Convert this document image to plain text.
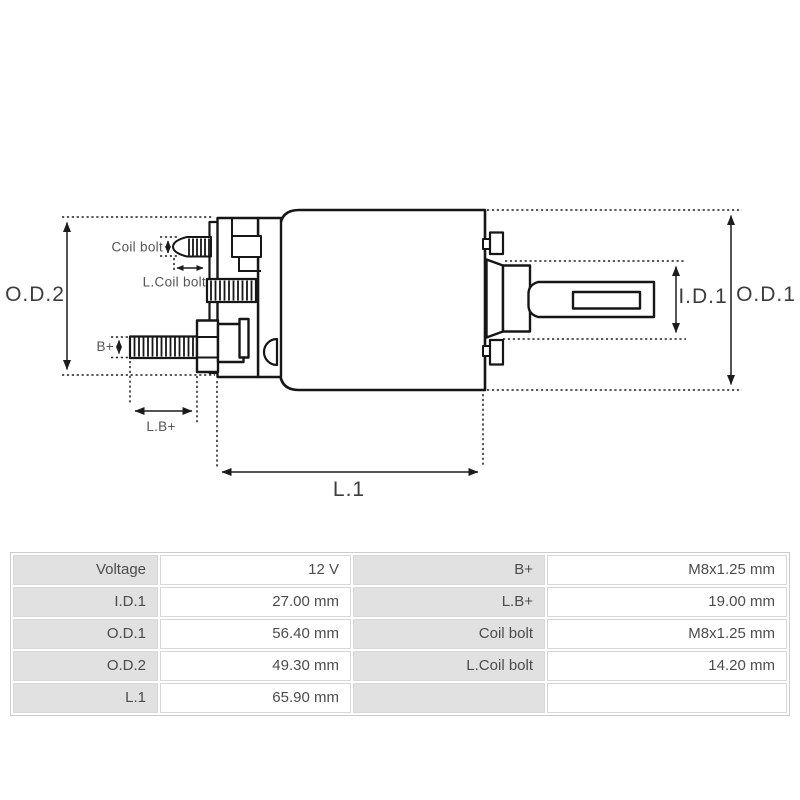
O.D.2	O.D.1
I.D.1
L.1
Coil bolt
L.Coil bolt
B+
L.B+
Voltage	12 V	B+	M8x1.25 mm
I.D.1	27.00 mm	L.B+	19.00 mm
O.D.1	56.40 mm	Coil bolt	M8x1.25 mm
O.D.2	49.30 mm	L.Coil bolt	14.20 mm
L.1	65.90 mm
